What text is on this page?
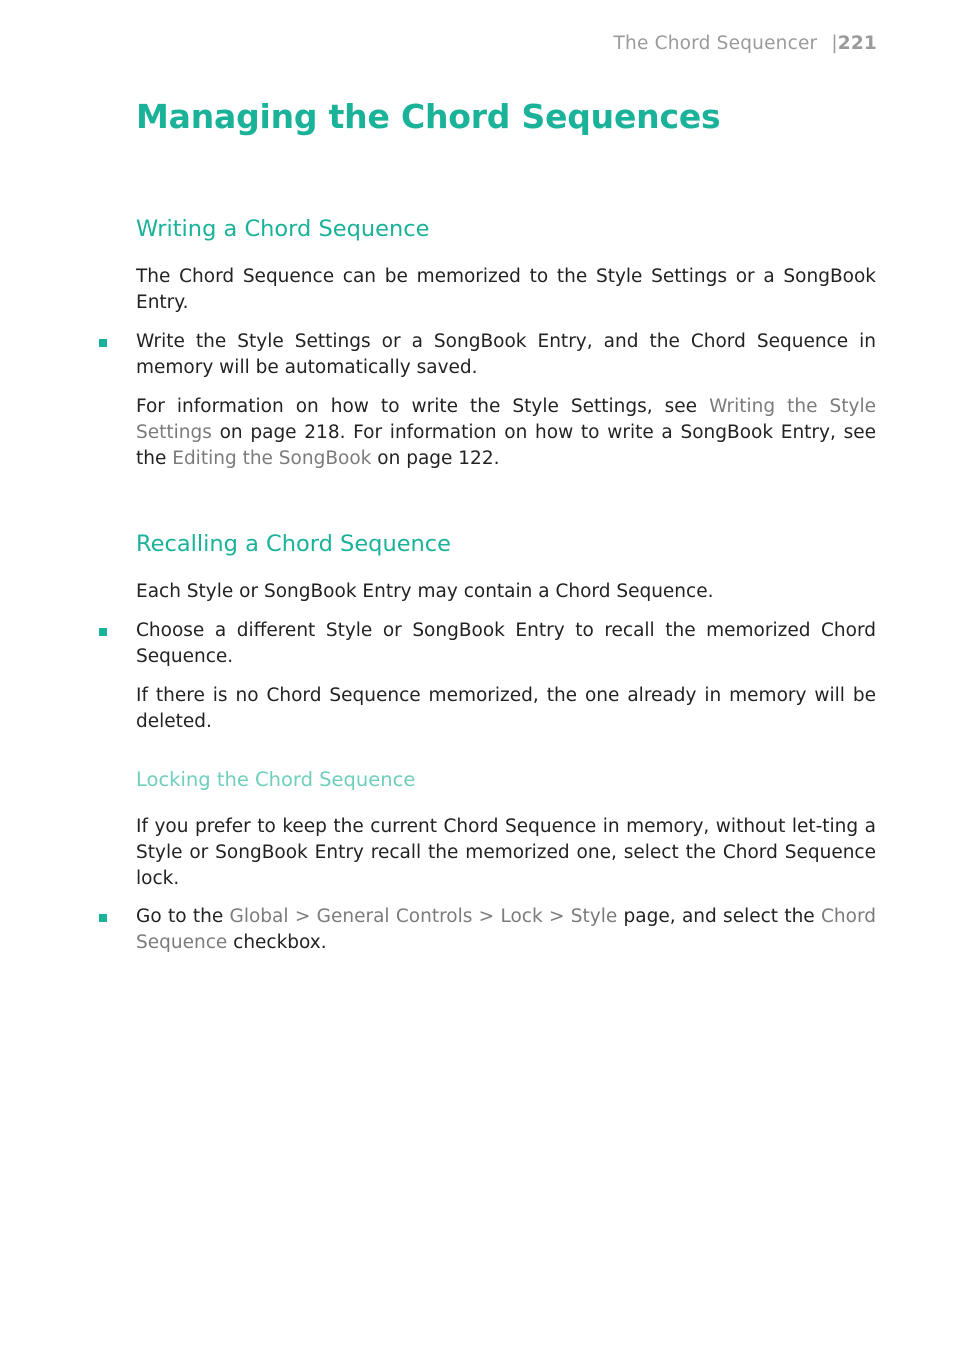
The Chord Sequencer |221
Managing the Chord Sequences
Writing a Chord Sequence

The Chord Sequence can be memorized to the Style Settings or a SongBook Entry.

Write the Style Settings or a SongBook Entry, and the Chord Sequence in memory will be automatically saved.

For information on how to write the Style Settings, see Writing the Style Settings on page 218. For information on how to write a SongBook Entry, see the Editing the SongBook on page 122.

Recalling a Chord Sequence

Each Style or SongBook Entry may contain a Chord Sequence.

Choose a different Style or SongBook Entry to recall the memorized Chord Sequence.

If there is no Chord Sequence memorized, the one already in memory will be deleted.

Locking the Chord Sequence

If you prefer to keep the current Chord Sequence in memory, without let-ting a Style or SongBook Entry recall the memorized one, select the Chord Sequence lock.

Go to the Global > General Controls > Lock > Style page, and select the Chord Sequence checkbox.
